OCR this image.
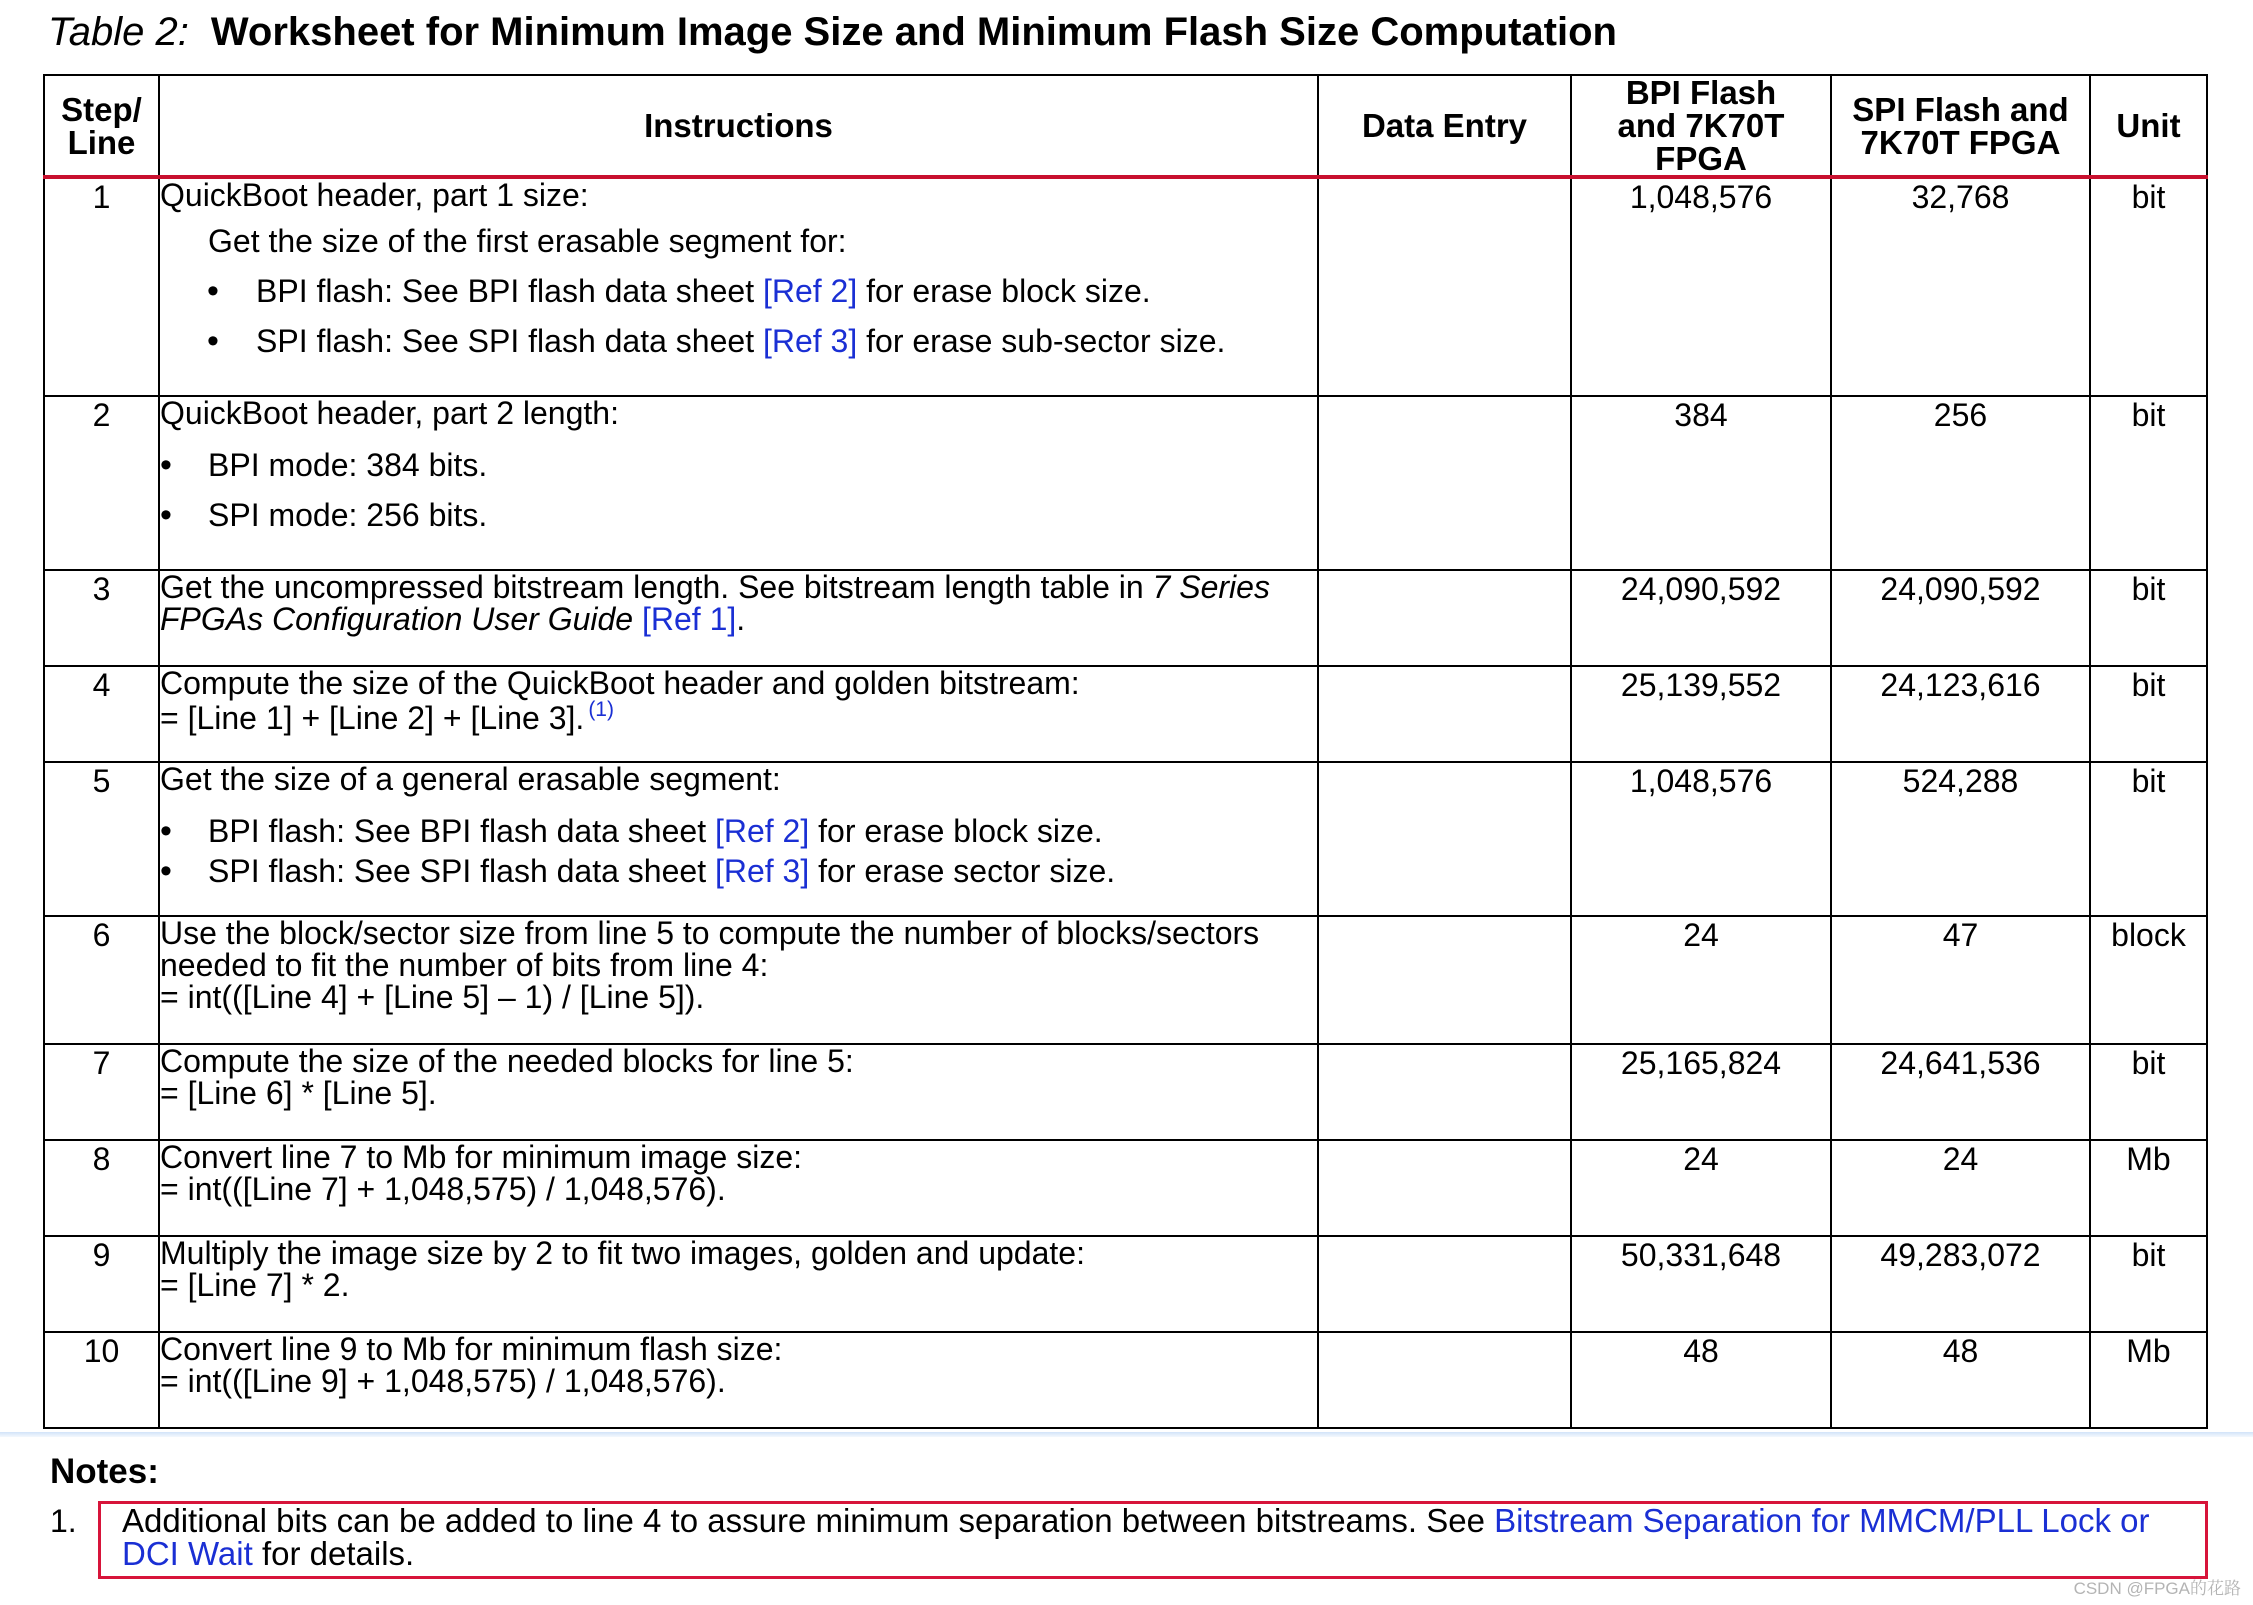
Table 2: Worksheet for Minimum Image Size and Minimum Flash Size Computation
Step/ Line	Instructions	Data Entry	BPI Flash and 7K70T FPGA	SPI Flash and 7K70T FPGA	Unit
1	QuickBoot header, part 1 size:
Get the size of the first erasable segment for:
• BPI flash: See BPI flash data sheet [Ref 2] for erase block size.
• SPI flash: See SPI flash data sheet [Ref 3] for erase sub-sector size.		1,048,576	32,768	bit
2	QuickBoot header, part 2 length:
• BPI mode: 384 bits.
• SPI mode: 256 bits.		384	256	bit
3	Get the uncompressed bitstream length. See bitstream length table in 7 Series FPGAs Configuration User Guide [Ref 1].		24,090,592	24,090,592	bit
4	Compute the size of the QuickBoot header and golden bitstream:
= [Line 1] + [Line 2] + [Line 3]. $^{(1)}$		25,139,552	24,123,616	bit
5	Get the size of a general erasable segment:
• BPI flash: See BPI flash data sheet [Ref 2] for erase block size.
• SPI flash: See SPI flash data sheet [Ref 3] for erase sector size.		1,048,576	524,288	bit
6	Use the block/sector size from line 5 to compute the number of blocks/sectors needed to fit the number of bits from line 4:
= int(([Line 4] + [Line 5] – 1) / [Line 5]).		24	47	block
7	Compute the size of the needed blocks for line 5:
= [Line 6] * [Line 5].		25,165,824	24,641,536	bit
8	Convert line 7 to Mb for minimum image size:
= int(([Line 7] + 1,048,575) / 1,048,576).		24	24	Mb
9	Multiply the image size by 2 to fit two images, golden and update:
= [Line 7] * 2.		50,331,648	49,283,072	bit
10	Convert line 9 to Mb for minimum flash size:
= int(([Line 9] + 1,048,575) / 1,048,576).		48	48	Mb
Notes:
1. Additional bits can be added to line 4 to assure minimum separation between bitstreams. See Bitstream Separation for MMCM/PLL Lock or DCI Wait for details.
CSDN @FPGA的花路
